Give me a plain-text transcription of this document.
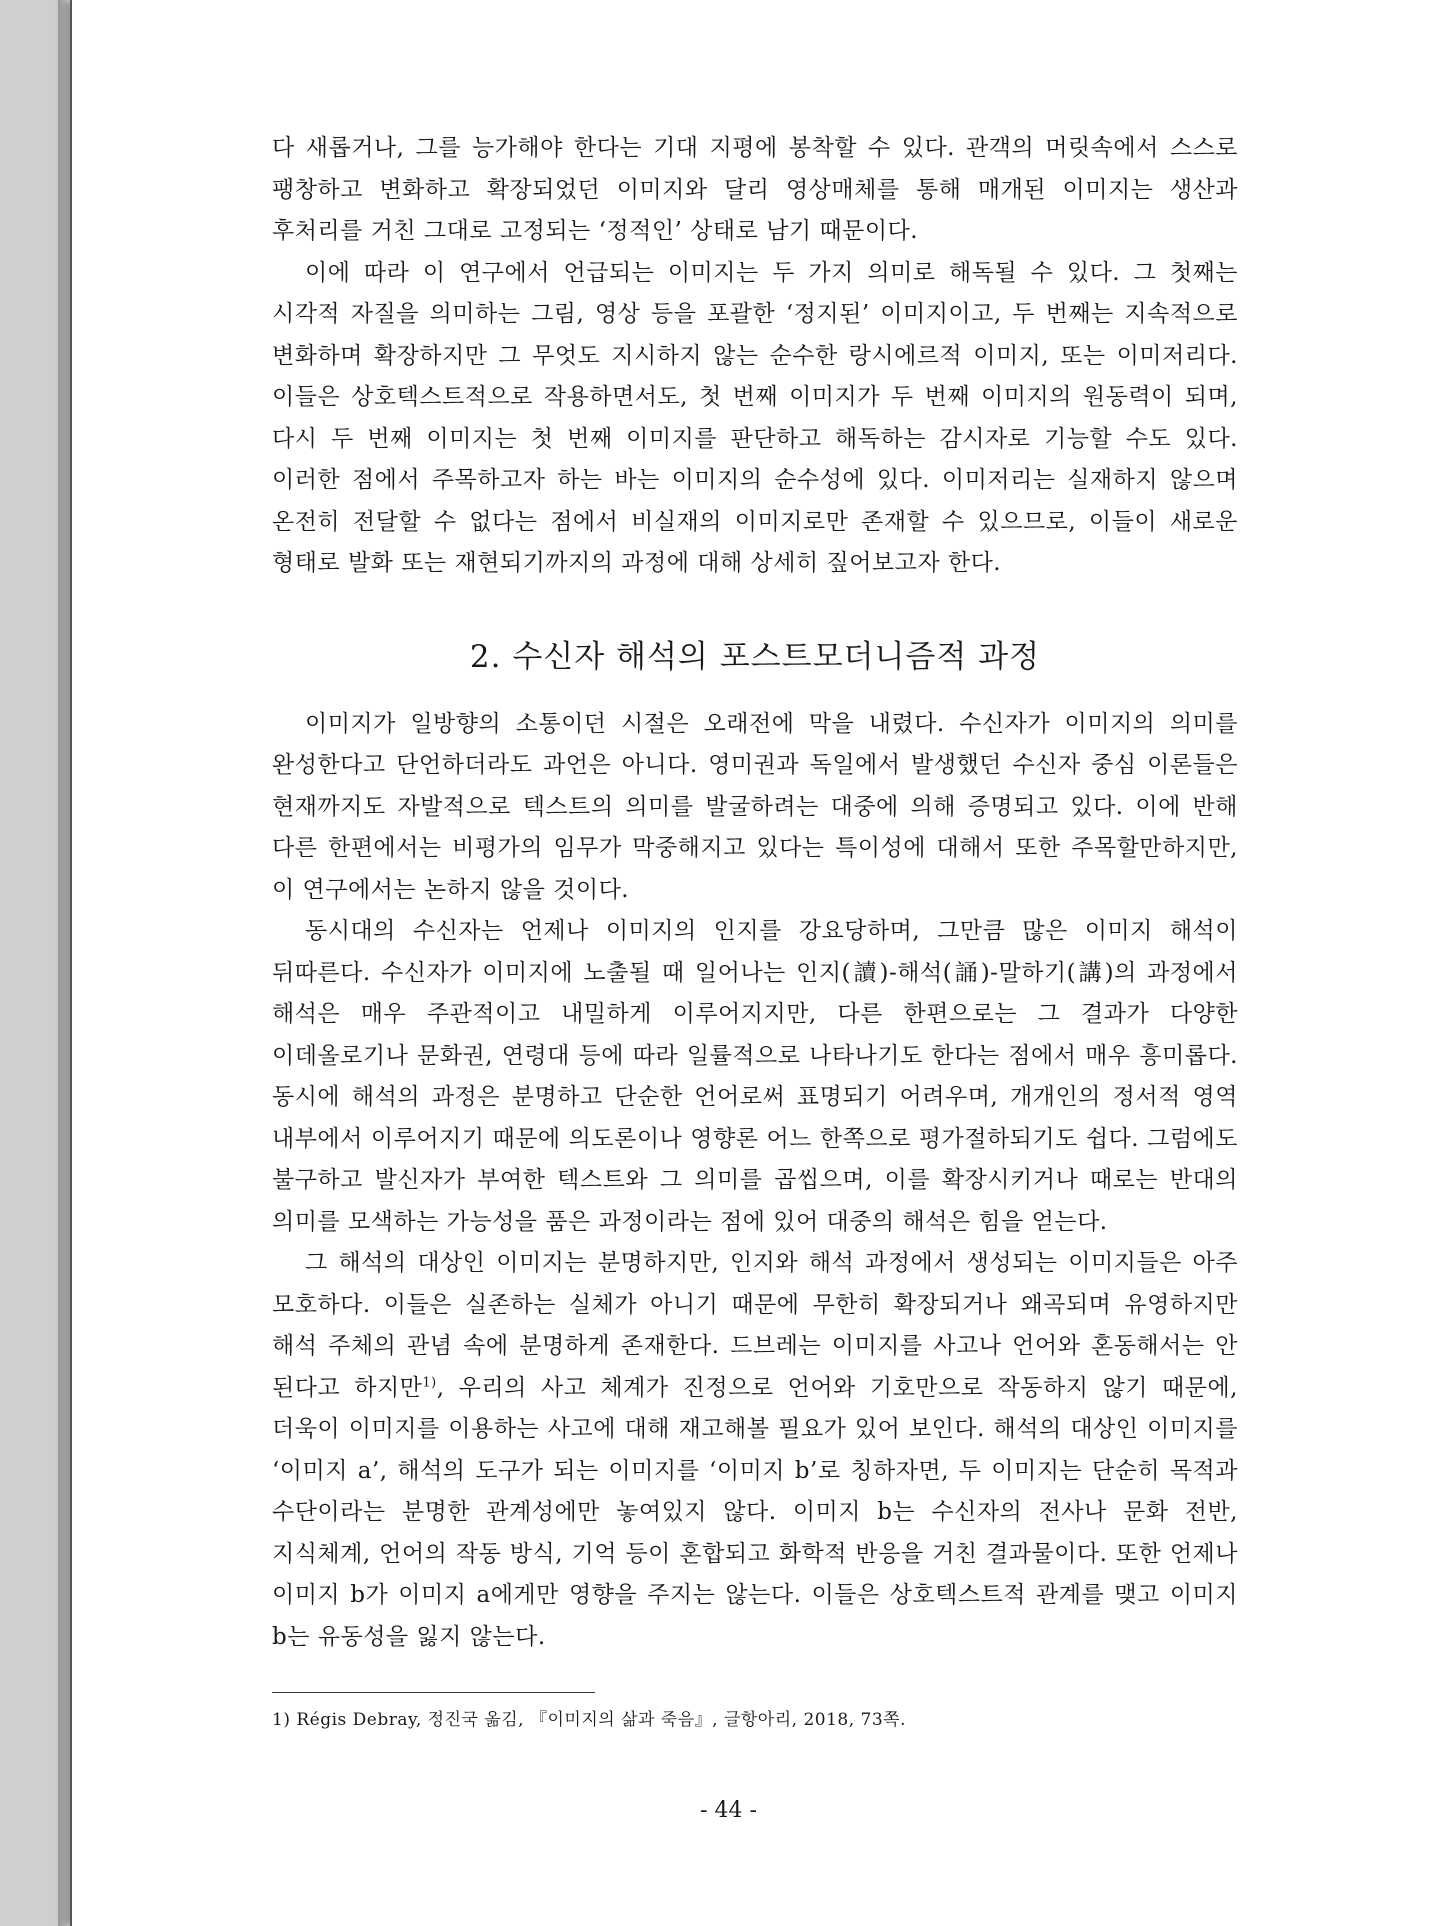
다 새롭거나, 그를 능가해야 한다는 기대 지평에 봉착할 수 있다. 관객의 머릿속에서 스스로 팽창하고 변화하고 확장되었던 이미지와 달리 영상매체를 통해 매개된 이미지는 생산과 후처리를 거친 그대로 고정되는 ‘정적인’ 상태로 남기 때문이다.

이에 따라 이 연구에서 언급되는 이미지는 두 가지 의미로 해독될 수 있다. 그 첫째는 시각적 자질을 의미하는 그림, 영상 등을 포괄한 ‘정지된’ 이미지이고, 두 번째는 지속적으로 변화하며 확장하지만 그 무엇도 지시하지 않는 순수한 랑시에르적 이미지, 또는 이미저리다. 이들은 상호텍스트적으로 작용하면서도, 첫 번째 이미지가 두 번째 이미지의 원동력이 되며, 다시 두 번째 이미지는 첫 번째 이미지를 판단하고 해독하는 감시자로 기능할 수도 있다. 이러한 점에서 주목하고자 하는 바는 이미지의 순수성에 있다. 이미저리는 실재하지 않으며 온전히 전달할 수 없다는 점에서 비실재의 이미지로만 존재할 수 있으므로, 이들이 새로운 형태로 발화 또는 재현되기까지의 과정에 대해 상세히 짚어보고자 한다.

2. 수신자 해석의 포스트모더니즘적 과정

이미지가 일방향의 소통이던 시절은 오래전에 막을 내렸다. 수신자가 이미지의 의미를 완성한다고 단언하더라도 과언은 아니다. 영미권과 독일에서 발생했던 수신자 중심 이론들은 현재까지도 자발적으로 텍스트의 의미를 발굴하려는 대중에 의해 증명되고 있다. 이에 반해 다른 한편에서는 비평가의 임무가 막중해지고 있다는 특이성에 대해서 또한 주목할만하지만, 이 연구에서는 논하지 않을 것이다.

동시대의 수신자는 언제나 이미지의 인지를 강요당하며, 그만큼 많은 이미지 해석이 뒤따른다. 수신자가 이미지에 노출될 때 일어나는 인지(讀)-해석(誦)-말하기(講)의 과정에서 해석은 매우 주관적이고 내밀하게 이루어지지만, 다른 한편으로는 그 결과가 다양한 이데올로기나 문화권, 연령대 등에 따라 일률적으로 나타나기도 한다는 점에서 매우 흥미롭다. 동시에 해석의 과정은 분명하고 단순한 언어로써 표명되기 어려우며, 개개인의 정서적 영역 내부에서 이루어지기 때문에 의도론이나 영향론 어느 한쪽으로 평가절하되기도 쉽다. 그럼에도 불구하고 발신자가 부여한 텍스트와 그 의미를 곱씹으며, 이를 확장시키거나 때로는 반대의 의미를 모색하는 가능성을 품은 과정이라는 점에 있어 대중의 해석은 힘을 얻는다.

그 해석의 대상인 이미지는 분명하지만, 인지와 해석 과정에서 생성되는 이미지들은 아주 모호하다. 이들은 실존하는 실체가 아니기 때문에 무한히 확장되거나 왜곡되며 유영하지만 해석 주체의 관념 속에 분명하게 존재한다. 드브레는 이미지를 사고나 언어와 혼동해서는 안 된다고 하지만$^{1)}$, 우리의 사고 체계가 진정으로 언어와 기호만으로 작동하지 않기 때문에, 더욱이 이미지를 이용하는 사고에 대해 재고해볼 필요가 있어 보인다. 해석의 대상인 이미지를 ‘이미지 a’, 해석의 도구가 되는 이미지를 ‘이미지 b’로 칭하자면, 두 이미지는 단순히 목적과 수단이라는 분명한 관계성에만 놓여있지 않다. 이미지 b는 수신자의 전사나 문화 전반, 지식체계, 언어의 작동 방식, 기억 등이 혼합되고 화학적 반응을 거친 결과물이다. 또한 언제나 이미지 b가 이미지 a에게만 영향을 주지는 않는다. 이들은 상호텍스트적 관계를 맺고 이미지 b는 유동성을 잃지 않는다.

1) Régis Debray, 정진국 옮김, 『이미지의 삶과 죽음』, 글항아리, 2018, 73쪽.
- 44 -
